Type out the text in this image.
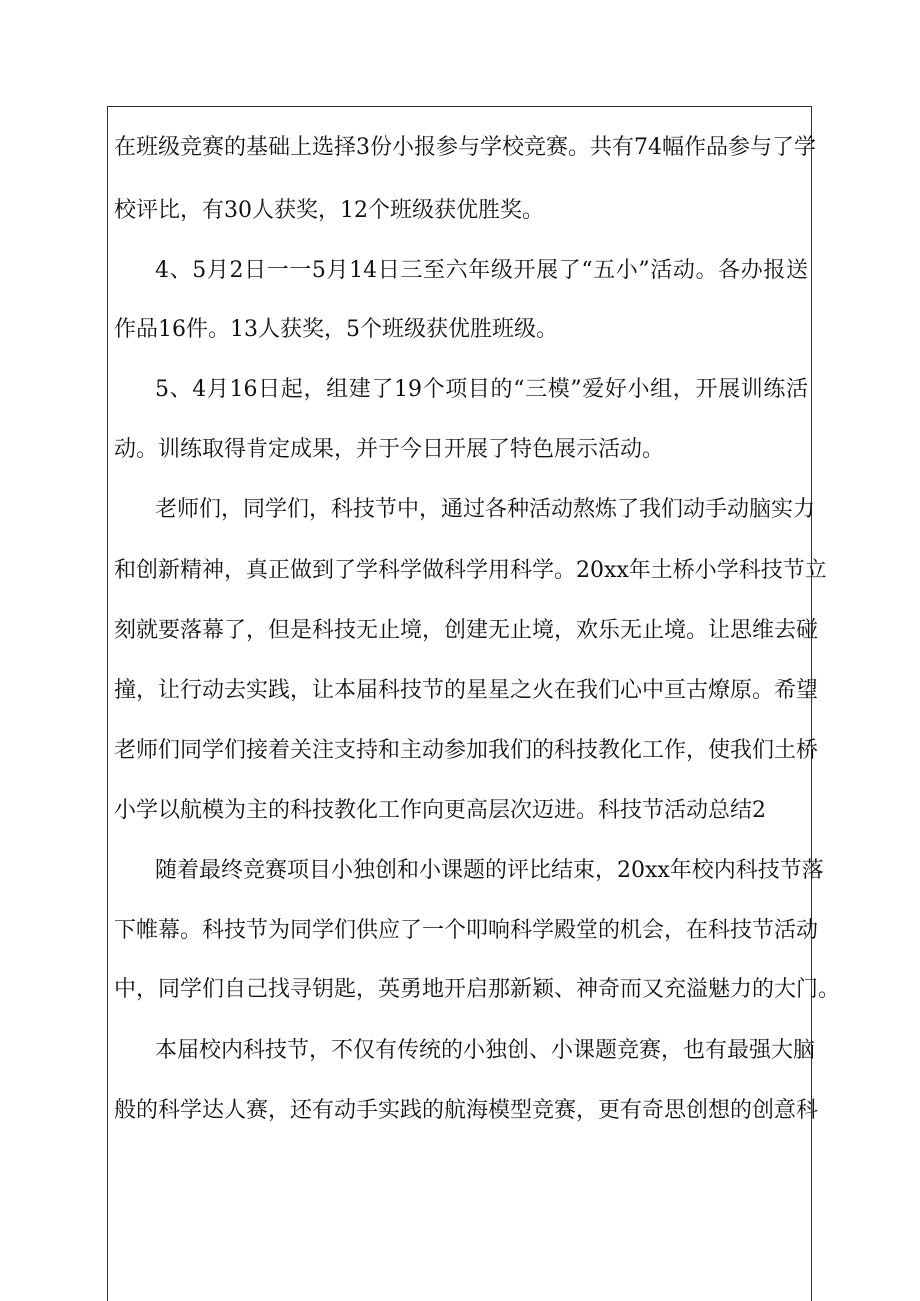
在班级竞赛的基础上选择3份小报参与学校竞赛。共有74幅作品参与了学
校评比，有30人获奖，12个班级获优胜奖。
4、5月2日一一5月14日三至六年级开展了“五小”活动。各办报送
作品16件。13人获奖，5个班级获优胜班级。
5、4月16日起，组建了19个项目的“三模”爱好小组，开展训练活
动。训练取得肯定成果，并于今日开展了特色展示活动。
老师们，同学们，科技节中，通过各种活动熬炼了我们动手动脑实力
和创新精神，真正做到了学科学做科学用科学。20xx年土桥小学科技节立
刻就要落幕了，但是科技无止境，创建无止境，欢乐无止境。让思维去碰
撞，让行动去实践，让本届科技节的星星之火在我们心中亘古燎原。希望
老师们同学们接着关注支持和主动参加我们的科技教化工作，使我们土桥
小学以航模为主的科技教化工作向更高层次迈进。科技节活动总结2
随着最终竞赛项目小独创和小课题的评比结束，20xx年校内科技节落
下帷幕。科技节为同学们供应了一个叩响科学殿堂的机会，在科技节活动
中，同学们自己找寻钥匙，英勇地开启那新颖、神奇而又充溢魅力的大门。
本届校内科技节，不仅有传统的小独创、小课题竞赛，也有最强大脑
般的科学达人赛，还有动手实践的航海模型竞赛，更有奇思创想的创意科
